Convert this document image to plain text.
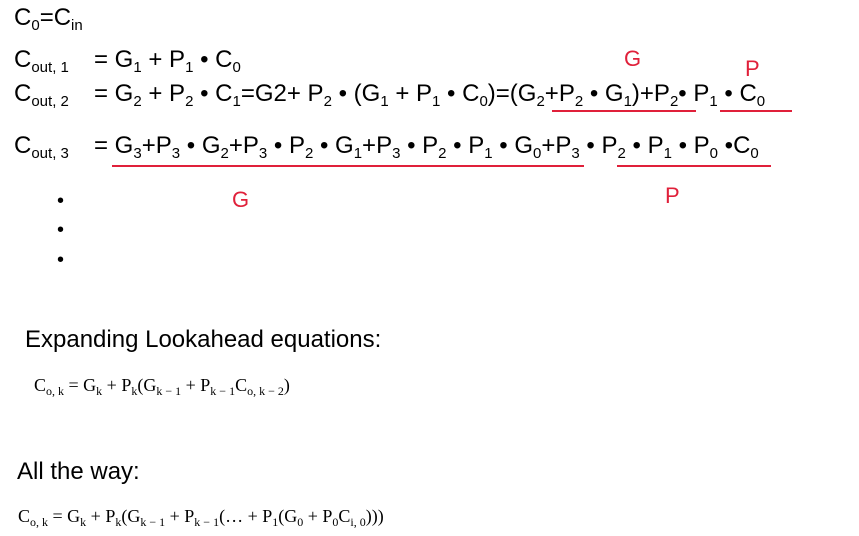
$C_0=C_{in}$
$C_{out, 1} = G_1 + P_1$ • $C_0$	G	P
$C_{out, 2} = G_2 + P_2$ • $C_1=G2+ P_2$ • ($G_1 + P_1$ • $C_0)=(G_2+P_2$ • $G_1)+P_2•$ $P_1$ • $C_0$
$C_{out, 3} = G_3+P_3$ • $G_2+P_3$ • $P_2$ • $G_1+P_3$ • $P_2$ • $P_1$ • $G_0+P_3$ • $P_2$ • $P_1$ • $P_0$ $•C_0$
G	P
•
•
•
Expanding Lookahead equations:
$C_{o, k} = G_k + P_k(G_{k - 1} + P_{k - 1}C_{o, k - 2})$
All the way:
$C_{o, k} = G_k + P_k(G_{k - 1}$ + $P_{k - 1}(\dots + P_1(G_0 + P_0C_{i, 0}))$)
